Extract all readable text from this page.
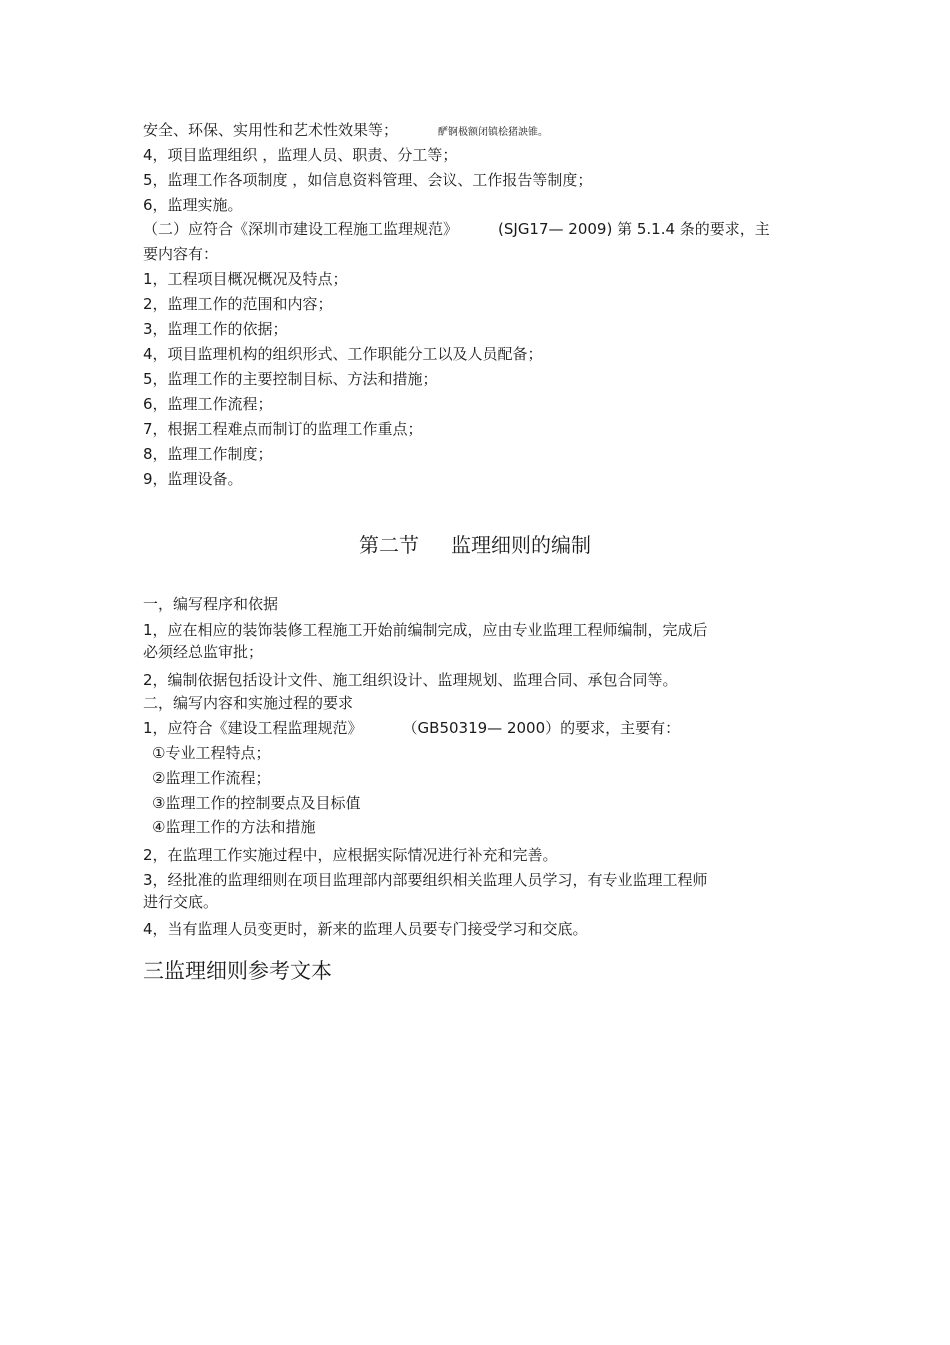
安全、环保、实用性和艺术性效果等；	酽锕极额闭镇桧猪詇锥。
4，项目监理组织 ，监理人员、职责、分工等；
5，监理工作各项制度 ，如信息资料管理、会议、工作报告等制度；
6，监理实施。
（二）应符合《深圳市建设工程施工监理规范》	(SJG17— 2009) 第 5.1.4 条的要求，主
要内容有：
1，工程项目概况概况及特点；
2，监理工作的范围和内容；
3，监理工作的依据；
4，项目监理机构的组织形式、工作职能分工以及人员配备；
5，监理工作的主要控制目标、方法和措施；
6，监理工作流程；
7，根据工程难点而制订的监理工作重点；
8，监理工作制度；
9，监理设备。
第二节 监理细则的编制
一，编写程序和依据
1，应在相应的装饰装修工程施工开始前编制完成，应由专业监理工程师编制，完成后
必须经总监审批；
2，编制依据包括设计文件、施工组织设计、监理规划、监理合同、承包合同等。
二，编写内容和实施过程的要求
1，应符合《建设工程监理规范》	（GB50319— 2000）的要求，主要有：
①专业工程特点；
②监理工作流程；
③监理工作的控制要点及目标值
④监理工作的方法和措施
2，在监理工作实施过程中，应根据实际情况进行补充和完善。
3，经批准的监理细则在项目监理部内部要组织相关监理人员学习，有专业监理工程师
进行交底。
4，当有监理人员变更时，新来的监理人员要专门接受学习和交底。
三监理细则参考文本
